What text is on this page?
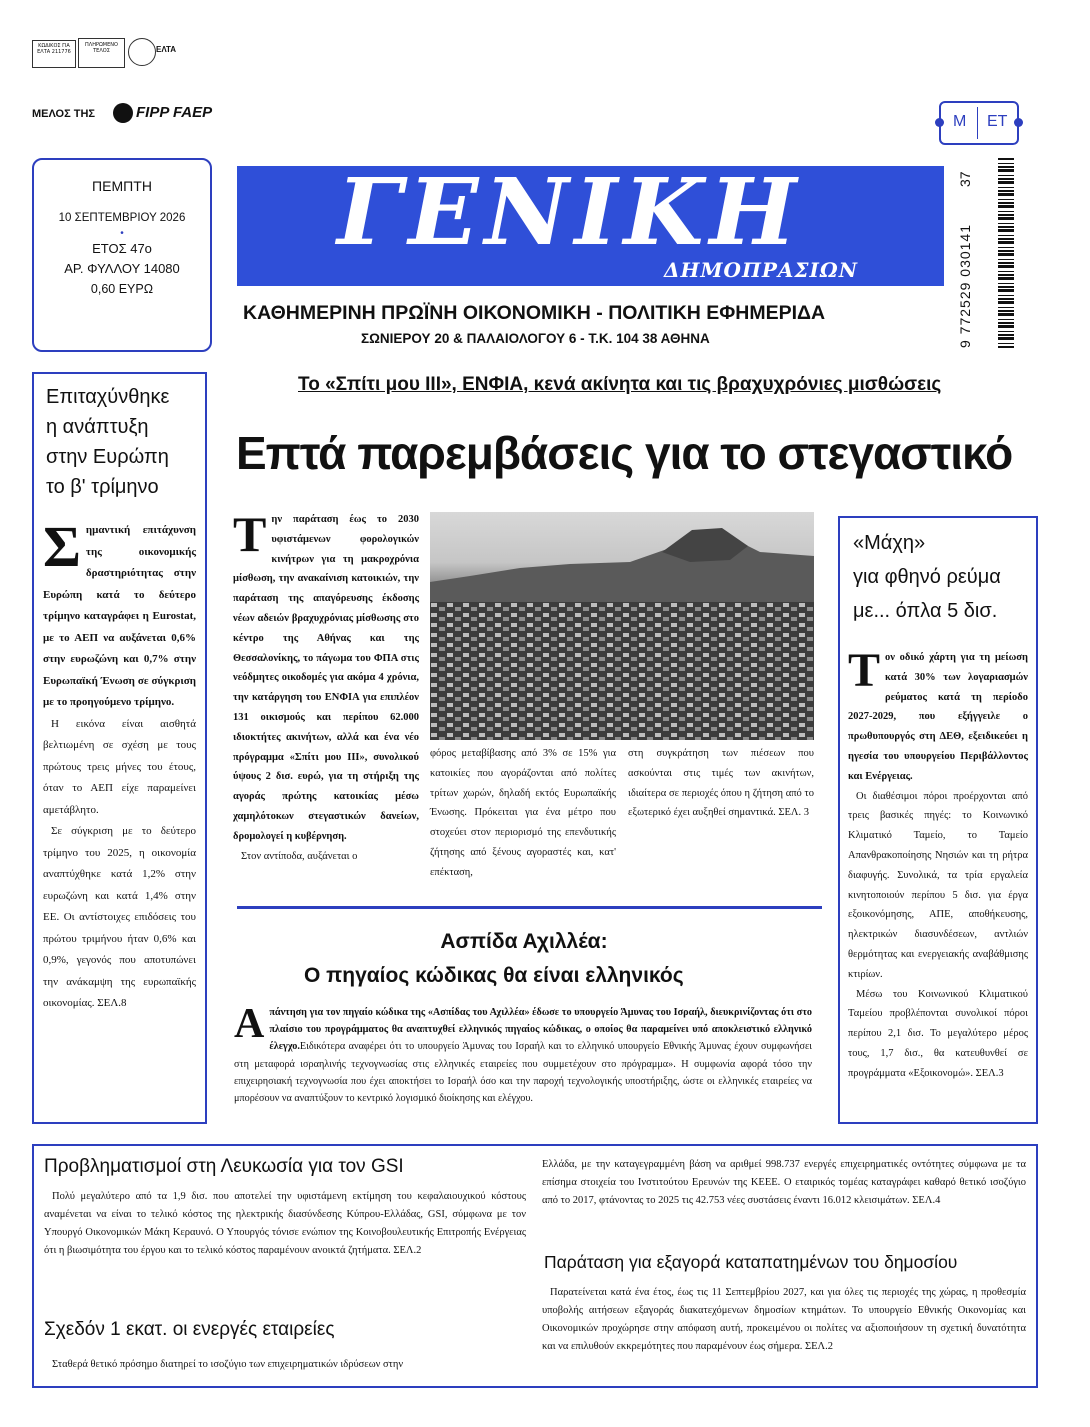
ΚΩΔΙΚΟΣ ΓΙΑ ΕΛΤΑ 211776
ΠΛΗΡΩΜΕΝΟ ΤΕΛΟΣ	ΕΛΤΑ
ΜΕΛΟΣ ΤΗΣ	FIPP FAEP
Μ ΕΤ
9 772529 030141
37
ΠΕΜΠΤΗ
10 ΣΕΠΤΕΜΒΡΙΟΥ 2026
•
ΕΤΟΣ 47ο
ΑΡ. ΦΥΛΛΟΥ 14080
0,60 ΕΥΡΩ
ΓΕΝΙΚΗ
ΔΗΜΟΠΡΑΣΙΩΝ
ΚΑΘΗΜΕΡΙΝΗ ΠΡΩΪΝΗ ΟΙΚΟΝΟΜΙΚΗ - ΠΟΛΙΤΙΚΗ ΕΦΗΜΕΡΙΔΑ
ΣΩΝΙΕΡΟΥ 20 & ΠΑΛΑΙΟΛΟΓΟΥ 6 - Τ.Κ. 104 38 ΑΘΗΝΑ
Επιταχύνθηκε
η ανάπτυξη
στην Ευρώπη
το β' τρίμηνο
Σ ημαντική επιτάχυνση της οικονομικής δραστηριότητας στην Ευρώπη κατά το δεύτερο τρίμηνο καταγράφει η Eurostat, με το ΑΕΠ να αυξάνεται 0,6% στην ευρωζώνη και 0,7% στην Ευρωπαϊκή Ένωση σε σύγκριση με το προηγούμενο τρίμηνο.

Η εικόνα είναι αισθητά βελτιωμένη σε σχέση με τους πρώτους τρεις μήνες του έτους, όταν το ΑΕΠ είχε παραμείνει αμετάβλητο.

Σε σύγκριση με το δεύτερο τρίμηνο του 2025, η οικονομία αναπτύχθηκε κατά 1,2% στην ευρωζώνη και κατά 1,4% στην ΕΕ. Οι αντίστοιχες επιδόσεις του πρώτου τριμήνου ήταν 0,6% και 0,9%, γεγονός που αποτυπώνει την ανάκαμψη της ευρωπαϊκής οικονομίας. ΣΕΛ.8

Το «Σπίτι μου ΙΙΙ», ΕΝΦΙΑ, κενά ακίνητα και τις βραχυχρόνιες μισθώσεις
Επτά παρεμβάσεις για το στεγαστικό
Τ ην παράταση έως το 2030 υφιστάμενων φορολογικών κινήτρων για τη μακροχρόνια μίσθωση, την ανακαίνιση κατοικιών, την παράταση της απαγόρευσης έκδοσης νέων αδειών βραχυχρόνιας μίσθωσης στο κέντρο της Αθήνας και της Θεσσαλονίκης, το πάγωμα του ΦΠΑ στις νεόδμητες οικοδομές για ακόμα 4 χρόνια, την κατάργηση του ΕΝΦΙΑ για επιπλέον 131 οικισμούς και περίπου 62.000 ιδιοκτήτες ακινήτων, αλλά και ένα νέο πρόγραμμα «Σπίτι μου ΙΙΙ», συνολικού ύψους 2 δισ. ευρώ, για τη στήριξη της αγοράς πρώτης κατοικίας μέσω χαμηλότοκων στεγαστικών δανείων, δρομολογεί η κυβέρνηση.

Στον αντίποδα, αυξάνεται ο

φόρος μεταβίβασης από 3% σε 15% για κατοικίες που αγοράζονται από πολίτες τρίτων χωρών, δηλαδή εκτός Ευρωπαϊκής Ένωσης. Πρόκειται για ένα μέτρο που στοχεύει στον περιορισμό της επενδυτικής ζήτησης από ξένους αγοραστές και, κατ' επέκταση,

στη συγκράτηση των πιέσεων που ασκούνται στις τιμές των ακινήτων, ιδιαίτερα σε περιοχές όπου η ζήτηση από το εξωτερικό έχει αυξηθεί σημαντικά. ΣΕΛ. 3

«Μάχη»
για φθηνό ρεύμα
με... όπλα 5 δισ.
Τ ον οδικό χάρτη για τη μείωση κατά 30% των λογαριασμών ρεύματος κατά τη περίοδο 2027-2029, που εξήγγειλε ο πρωθυπουργός στη ΔΕΘ, εξειδικεύει η ηγεσία του υπουργείου Περιβάλλοντος και Ενέργειας.

Οι διαθέσιμοι πόροι προέρχονται από τρεις βασικές πηγές: το Κοινωνικό Κλιματικό Ταμείο, το Ταμείο Απανθρακοποίησης Νησιών και τη ρήτρα διαφυγής. Συνολικά, τα τρία εργαλεία κινητοποιούν περίπου 5 δισ. για έργα εξοικονόμησης, ΑΠΕ, αποθήκευσης, ηλεκτρικών διασυνδέσεων, αντλιών θερμότητας και ενεργειακής αναβάθμισης κτιρίων.

Μέσω του Κοινωνικού Κλιματικού Ταμείου προβλέπονται συνολικοί πόροι περίπου 2,1 δισ. Το μεγαλύτερο μέρος τους, 1,7 δισ., θα κατευθυνθεί σε προγράμματα «Εξοικονομώ». ΣΕΛ.3

Ασπίδα Αχιλλέα:
Ο πηγαίος κώδικας θα είναι ελληνικός
Α πάντηση για τον πηγαίο κώδικα της «Ασπίδας του Αχιλλέα» έδωσε το υπουργείο Άμυνας του Ισραήλ, διευκρινίζοντας ότι στο πλαίσιο του προγράμματος θα αναπτυχθεί ελληνικός πηγαίος κώδικας, ο οποίος θα παραμείνει υπό αποκλειστικό ελληνικό έλεγχο.Ειδικότερα αναφέρει ότι το υπουργείο Άμυνας του Ισραήλ και το ελληνικό υπουργείο Εθνικής Άμυνας έχουν συμφωνήσει στη μεταφορά ισραηλινής τεχνογνωσίας στις ελληνικές εταιρείες που συμμετέχουν στο πρόγραμμα». Η συμφωνία αφορά τόσο την επιχειρησιακή τεχνογνωσία που έχει αποκτήσει το Ισραήλ όσο και την παροχή τεχνολογικής υποστήριξης, ώστε οι ελληνικές εταιρείες να μπορέσουν να αναπτύξουν το κεντρικό λογισμικό διοίκησης και ελέγχου.
Προβληματισμοί στη Λευκωσία για τον GSI
Πολύ μεγαλύτερο από τα 1,9 δισ. που αποτελεί την υφιστάμενη εκτίμηση του κεφαλαιουχικού κόστους αναμένεται να είναι το τελικό κόστος της ηλεκτρικής διασύνδεσης Κύπρου-Ελλάδας, GSI, σύμφωνα με τον Υπουργό Οικονομικών Μάκη Κεραυνό. Ο Υπουργός τόνισε ενώπιον της Κοινοβουλευτικής Επιτροπής Ενέργειας ότι η βιωσιμότητα του έργου και το τελικό κόστος παραμένουν ανοικτά ζητήματα. ΣΕΛ.2
Σχεδόν 1 εκατ. οι ενεργές εταιρείες
Σταθερά θετικό πρόσημο διατηρεί το ισοζύγιο των επιχειρηματικών ιδρύσεων στην
Ελλάδα, με την καταγεγραμμένη βάση να αριθμεί 998.737 ενεργές επιχειρηματικές οντότητες σύμφωνα με τα επίσημα στοιχεία του Ινστιτούτου Ερευνών της ΚΕΕΕ. Ο εταιρικός τομέας καταγράφει καθαρό θετικό ισοζύγιο από το 2017, φτάνοντας το 2025 τις 42.753 νέες συστάσεις έναντι 16.012 κλεισιμάτων. ΣΕΛ.4
Παράταση για εξαγορά καταπατημένων του δημοσίου
Παρατείνεται κατά ένα έτος, έως τις 11 Σεπτεμβρίου 2027, και για όλες τις περιοχές της χώρας, η προθεσμία υποβολής αιτήσεων εξαγοράς διακατεχόμενων δημοσίων κτημάτων. Το υπουργείο Εθνικής Οικονομίας και Οικονομικών προχώρησε στην απόφαση αυτή, προκειμένου οι πολίτες να αξιοποιήσουν τη σχετική δυνατότητα και να επιλυθούν εκκρεμότητες που παραμένουν έως σήμερα. ΣΕΛ.2
